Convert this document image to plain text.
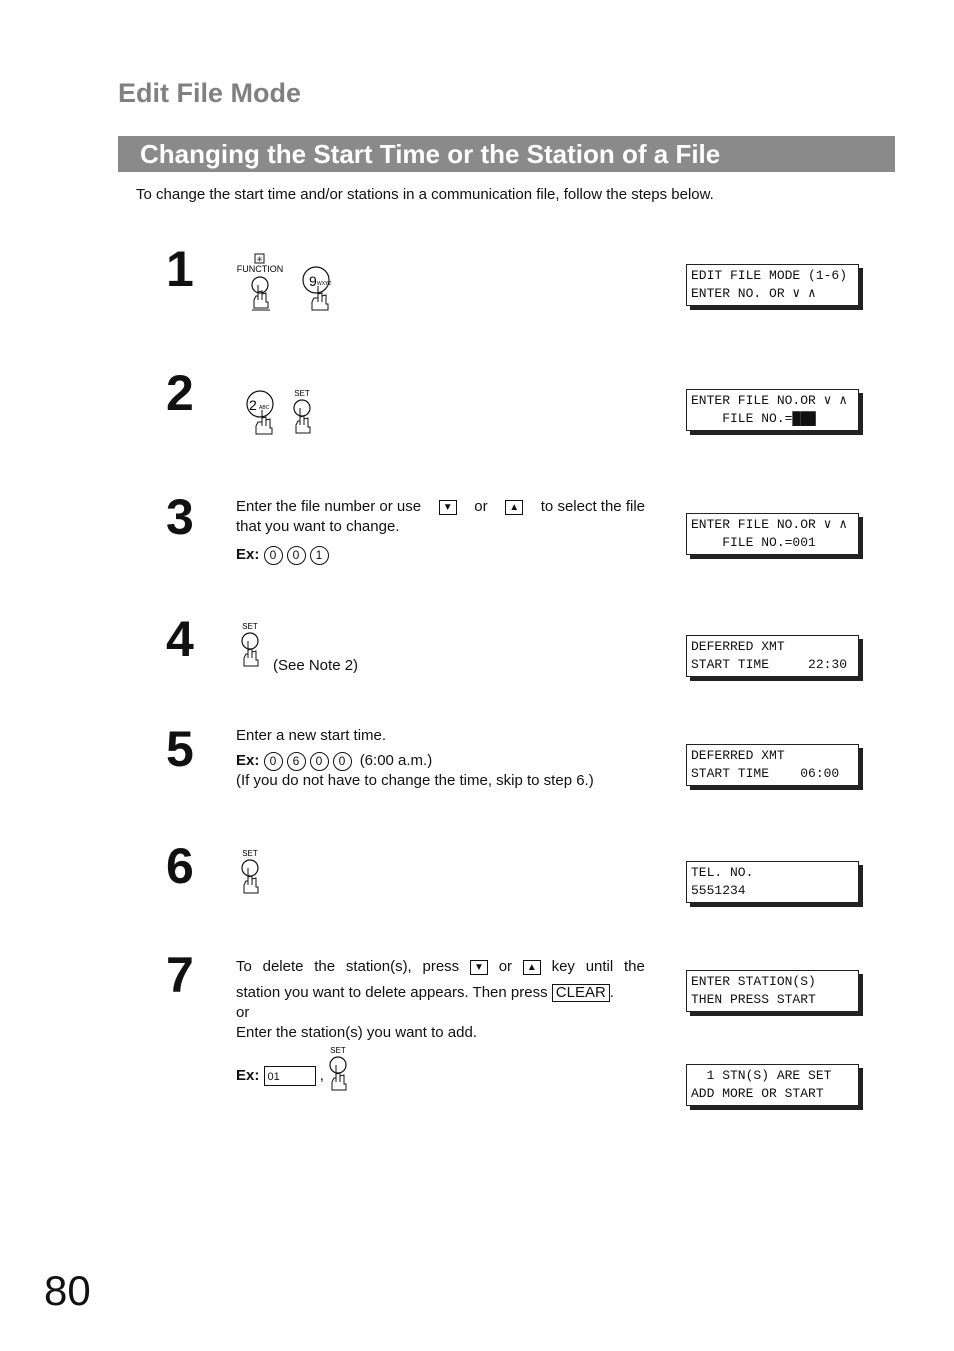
Edit File Mode
Changing the Start Time or the Station of a File
To change the start time and/or stations in a communication file, follow the steps below.
1	✳
FUNCTION
9 WXYZ
EDIT FILE MODE (1-6)
ENTER NO. OR ∨ ∧
2	2 ABC
SET	ENTER FILE NO.OR ∨ ∧
FILE NO.=███
3	Enter the file number or use ▼ or ▲ to select the file
that you want to change.
Ex: 0 0 1
ENTER FILE NO.OR ∨ ∧
FILE NO.=001
4	SET
(See Note 2)
DEFERRED XMT
START TIME     22:30
5	Enter a new start time.
Ex: 0 6 0 0 (6:00 a.m.)
(If you do not have to change the time, skip to step 6.)
DEFERRED XMT
START TIME    06:00
6	SET
TEL. NO.
5551234
7	To delete the station(s), press ▼ or ▲ key until the
station you want to delete appears. Then press CLEAR .
or
Enter the station(s) you want to add.
Ex: 01	,
SET
ENTER STATION(S)
THEN PRESS START
1 STN(S) ARE SET
ADD MORE OR START
80
